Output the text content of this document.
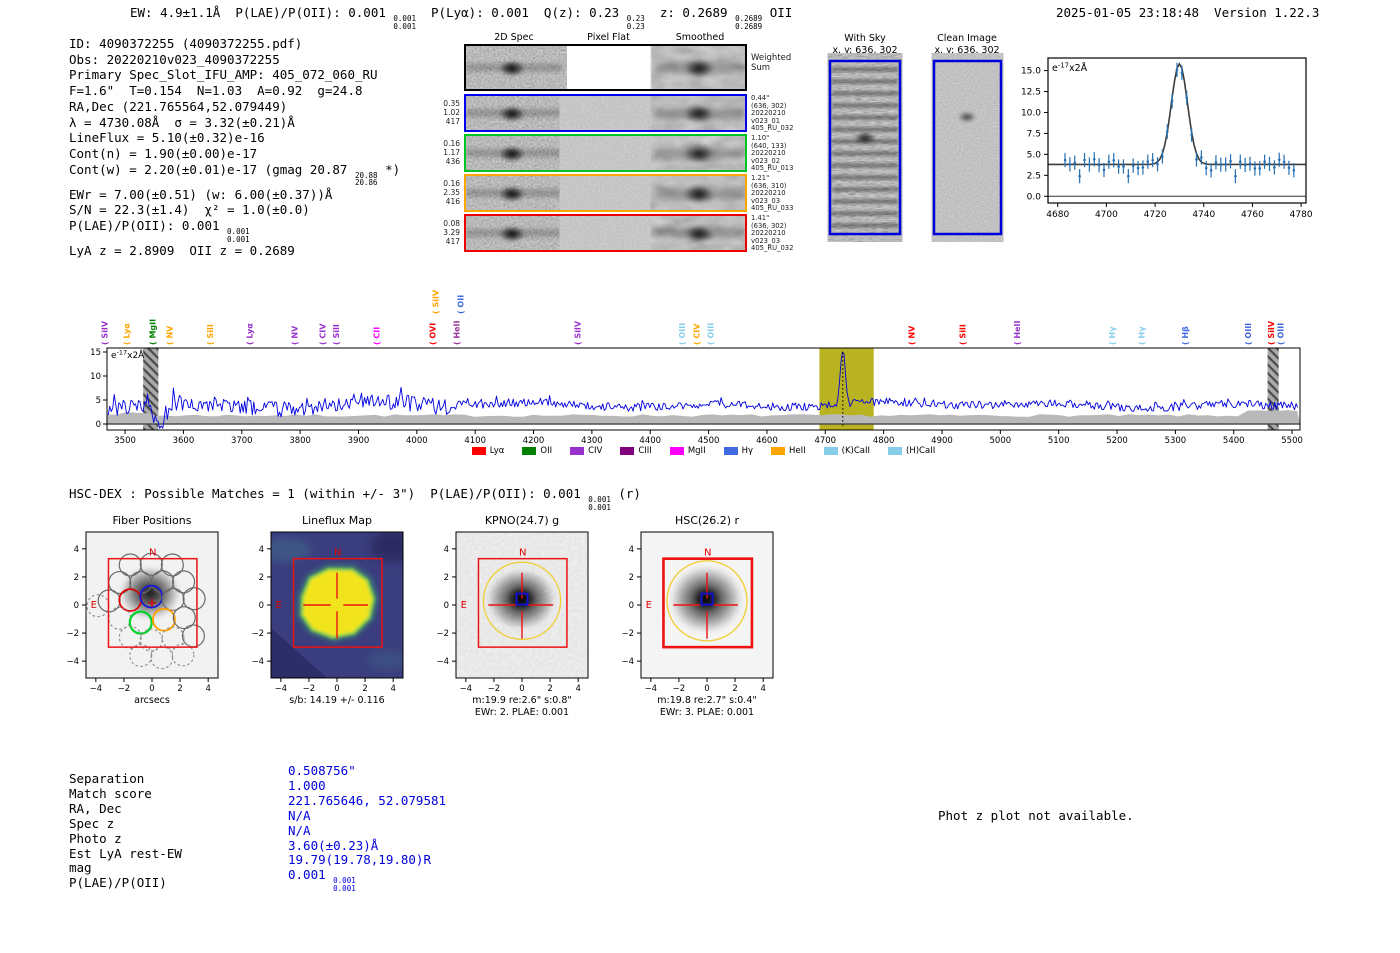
EW: 4.9±1.1Å  P(LAE)/P(OII): 0.001 0.001
0.001
P(Lyα): 0.001  Q(z): 0.23 0.23
0.23
z: 0.2689 0.2689
0.2689
OII	2025-01-05 23:18:48  Version 1.22.3
ID: 4090372255 (4090372255.pdf)
Obs: 20220210v023_4090372255
Primary Spec_Slot_IFU_AMP: 405_072_060_RU
F=1.6"  T=0.154  N=1.03  A=0.92  g=24.8
RA,Dec (221.765564,52.079449)
λ = 4730.08Å  σ = 3.32(±0.21)Å
LineFlux = 5.10(±0.32)e-16
Cont(n) = 1.90(±0.00)e-17
Cont(w) = 2.20(±0.01)e-17 (gmag 20.87 20.88
20.86
*)
EWr = 7.00(±0.51) (w: 6.00(±0.37))Å
S/N = 22.3(±1.4)  χ² = 1.0(±0.0)
P(LAE)/P(OII): 0.001 0.001
0.001
LyA z = 2.8909  OII z = 0.2689
2D Spec	Pixel Flat	Smoothed	With Sky
x, y: 636, 302
Clean Image
x, y: 636, 302
4680	4700	4720	4740	4760	4780
0.0
2.5
5.0
7.5
10.0
12.5
15.0 $e^{-17}x2Å$
0
5
10
15
3500	3600	3700	3800	3900	4000	4100	4200	4300	4400	4500	4600	4700	4800	4900	5000	5100	5200	5300	5400	5500
( SiIV ( Lyα ( MgII ( NV	( SiII	( Lyα	( NV ( CIV ( SiII	( CII	( OVI
( SiIV
( HeII
( OII
( SiIV	( OIII ( CIV ( OIII	( NV	( SiII	( HeII	( Hγ	( Hγ	( Hβ	( OIII ( SiIV ( OIII
$e^{-17}x2Å$
Lyα	OII	CIV	CIII	MgII	Hγ	HeII	(K)CaII	(H)CaII
HSC-DEX : Possible Matches = 1 (within +/- 3")  P(LAE)/P(OII): 0.001 0.001
0.001
(r)
Separation
0.508756"
Match score
1.000
RA, Dec
221.765646, 52.079581
Spec z
N/A
Photo z
N/A
Est LyA rest-EW
3.60(±0.23)Å
mag
19.79(19.78,19.80)R
P(LAE)/P(OII)
0.001 0.001
0.001
Phot z plot not available.
Weighted
Sum
0.35
1.02
417
0.44"
(636, 302)
20220210
v023_01
405_RU_032
0.16
1.17
436
1.10"
(640, 133)
20220210
v023_02
405_RU_013
0.16
2.35
416
1.21"
(636, 310)
20220210
v023_03
405_RU_033
0.08
3.29
417
1.41"
(636, 302)
20220210
v023_03
405_RU_032
N
E
−4
−4
−2
−2
0
0
2
2
4
4
Fiber Positions
arcsecs
N
E
−4
−4
−2
−2
0
0
2
2
4
4
Lineflux Map
s/b: 14.19 +/- 0.116
N
E
−4
−4
−2
−2
0
0
2
2
4
4
KPNO(24.7) g
m:19.9 re:2.6" s:0.8"
EWr: 2. PLAE: 0.001
N
E
−4
−4
−2
−2
0
0
2
2
4
4
HSC(26.2) r
m:19.8 re:2.7" s:0.4"
EWr: 3. PLAE: 0.001
